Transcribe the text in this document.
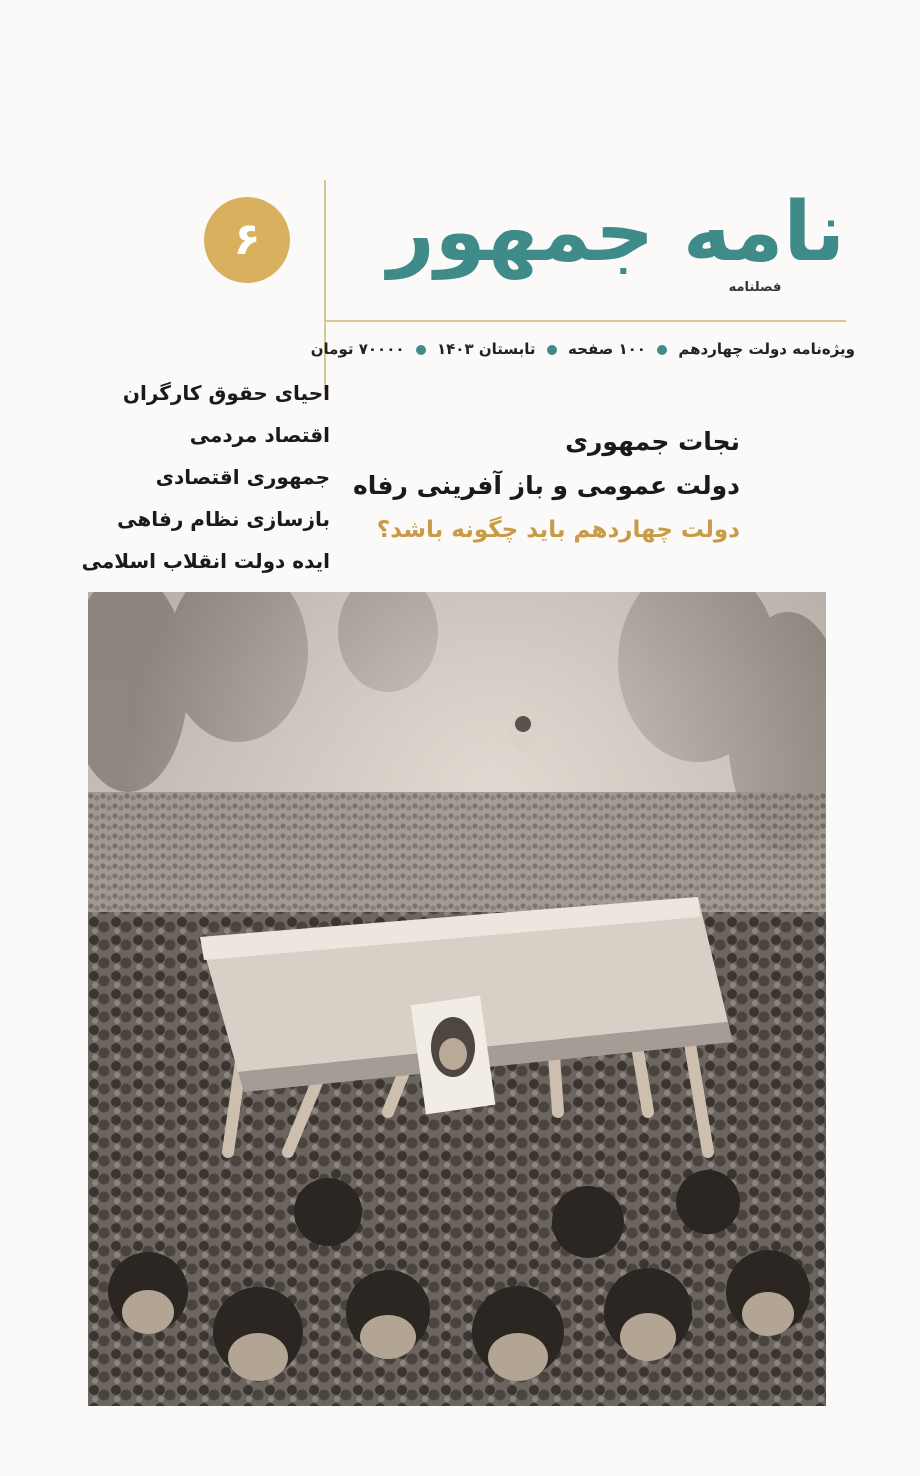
نامه جمهور
فصلنامه
۶
ویژه‌نامه دولت چهاردهم  ۱۰۰ صفحه  تابستان ۱۴۰۳  ۷۰۰۰۰ تومان
نجات جمهوری
دولت عمومی و باز آفرینی رفاه
دولت چهاردهم باید چگونه باشد؟
احیای حقوق کارگران
اقتصاد مردمی
جمهوری اقتصادی
بازسازی نظام رفاهی
ایده دولت انقلاب اسلامی
